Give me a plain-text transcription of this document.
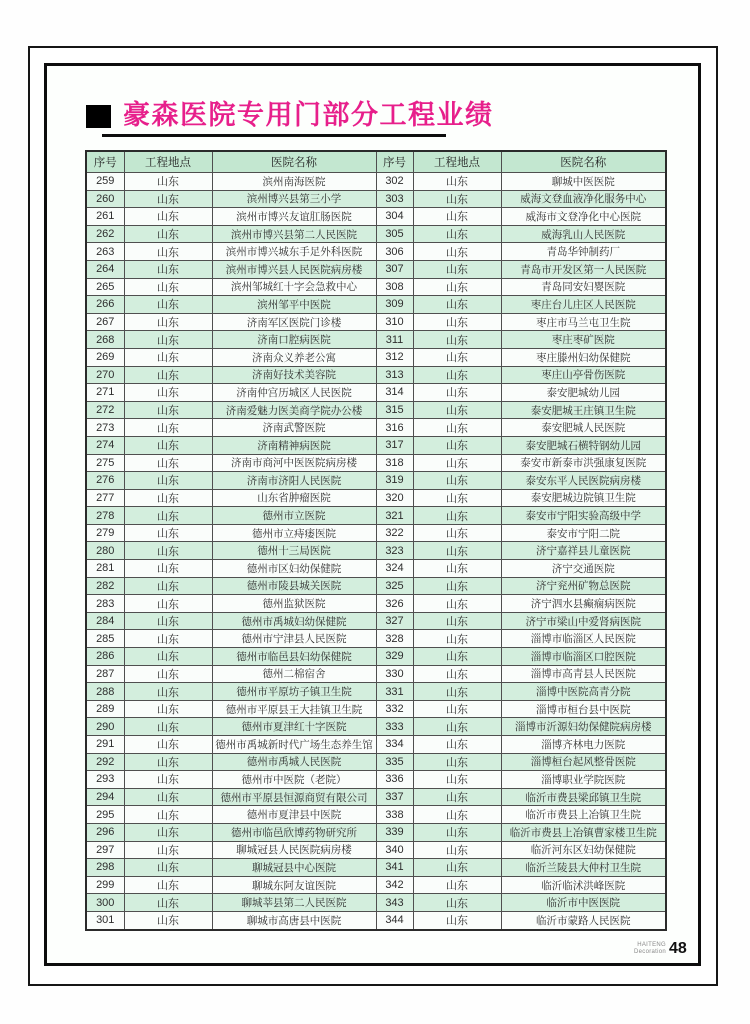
豪森医院专用门部分工程业绩
序号	工程地点	医院名称	序号	工程地点	医院名称
259	山东	滨州南海医院	302	山东	聊城中医医院
260	山东	滨州博兴县第三小学	303	山东	威海文登血液净化服务中心
261	山东	滨州市博兴友谊肛肠医院	304	山东	威海市文登净化中心医院
262	山东	滨州市博兴县第二人民医院	305	山东	威海乳山人民医院
263	山东	滨州市博兴城东手足外科医院	306	山东	青岛华钟制药厂
264	山东	滨州市博兴县人民医院病房楼	307	山东	青岛市开发区第一人民医院
265	山东	滨州邹城红十字会急救中心	308	山东	青岛同安妇婴医院
266	山东	滨州邹平中医院	309	山东	枣庄台儿庄区人民医院
267	山东	济南军区医院门诊楼	310	山东	枣庄市马兰屯卫生院
268	山东	济南口腔病医院	311	山东	枣庄枣矿医院
269	山东	济南众义养老公寓	312	山东	枣庄滕州妇幼保健院
270	山东	济南好技术美容院	313	山东	枣庄山亭骨伤医院
271	山东	济南仲宫历城区人民医院	314	山东	泰安肥城幼儿园
272	山东	济南爱魅力医美商学院办公楼	315	山东	泰安肥城王庄镇卫生院
273	山东	济南武警医院	316	山东	泰安肥城人民医院
274	山东	济南精神病医院	317	山东	泰安肥城石横特钢幼儿园
275	山东	济南市商河中医医院病房楼	318	山东	泰安市新泰市洪强康复医院
276	山东	济南市济阳人民医院	319	山东	泰安东平人民医院病房楼
277	山东	山东省肿瘤医院	320	山东	泰安肥城边院镇卫生院
278	山东	德州市立医院	321	山东	泰安市宁阳实验高级中学
279	山东	德州市立痔瘘医院	322	山东	泰安市宁阳二院
280	山东	德州十三局医院	323	山东	济宁嘉祥县儿童医院
281	山东	德州市区妇幼保健院	324	山东	济宁交通医院
282	山东	德州市陵县城关医院	325	山东	济宁兖州矿物总医院
283	山东	德州监狱医院	326	山东	济宁泗水县癫痫病医院
284	山东	德州市禹城妇幼保健院	327	山东	济宁市梁山中爱肾病医院
285	山东	德州市宁津县人民医院	328	山东	淄博市临淄区人民医院
286	山东	德州市临邑县妇幼保健院	329	山东	淄博市临淄区口腔医院
287	山东	德州二棉宿舍	330	山东	淄博市高青县人民医院
288	山东	德州市平原坊子镇卫生院	331	山东	淄博中医院高青分院
289	山东	德州市平原县王大挂镇卫生院	332	山东	淄博市桓台县中医院
290	山东	德州市夏津红十字医院	333	山东	淄博市沂源妇幼保健院病房楼
291	山东	德州市禹城新时代广场生态养生馆	334	山东	淄博齐林电力医院
292	山东	德州市禹城人民医院	335	山东	淄博桓台起风整骨医院
293	山东	德州市中医院（老院）	336	山东	淄博职业学院医院
294	山东	德州市平原县恒源商贸有限公司	337	山东	临沂市费县梁邱镇卫生院
295	山东	德州市夏津县中医院	338	山东	临沂市费县上冶镇卫生院
296	山东	德州市临邑欣博药物研究所	339	山东	临沂市费县上冶镇曹家楼卫生院
297	山东	聊城冠县人民医院病房楼	340	山东	临沂河东区妇幼保健院
298	山东	聊城冠县中心医院	341	山东	临沂兰陵县大仲村卫生院
299	山东	聊城东阿友谊医院	342	山东	临沂临沭洪峰医院
300	山东	聊城莘县第二人民医院	343	山东	临沂市中医医院
301	山东	聊城市高唐县中医院	344	山东	临沂市蒙路人民医院
HAITENG
Decoration 48
